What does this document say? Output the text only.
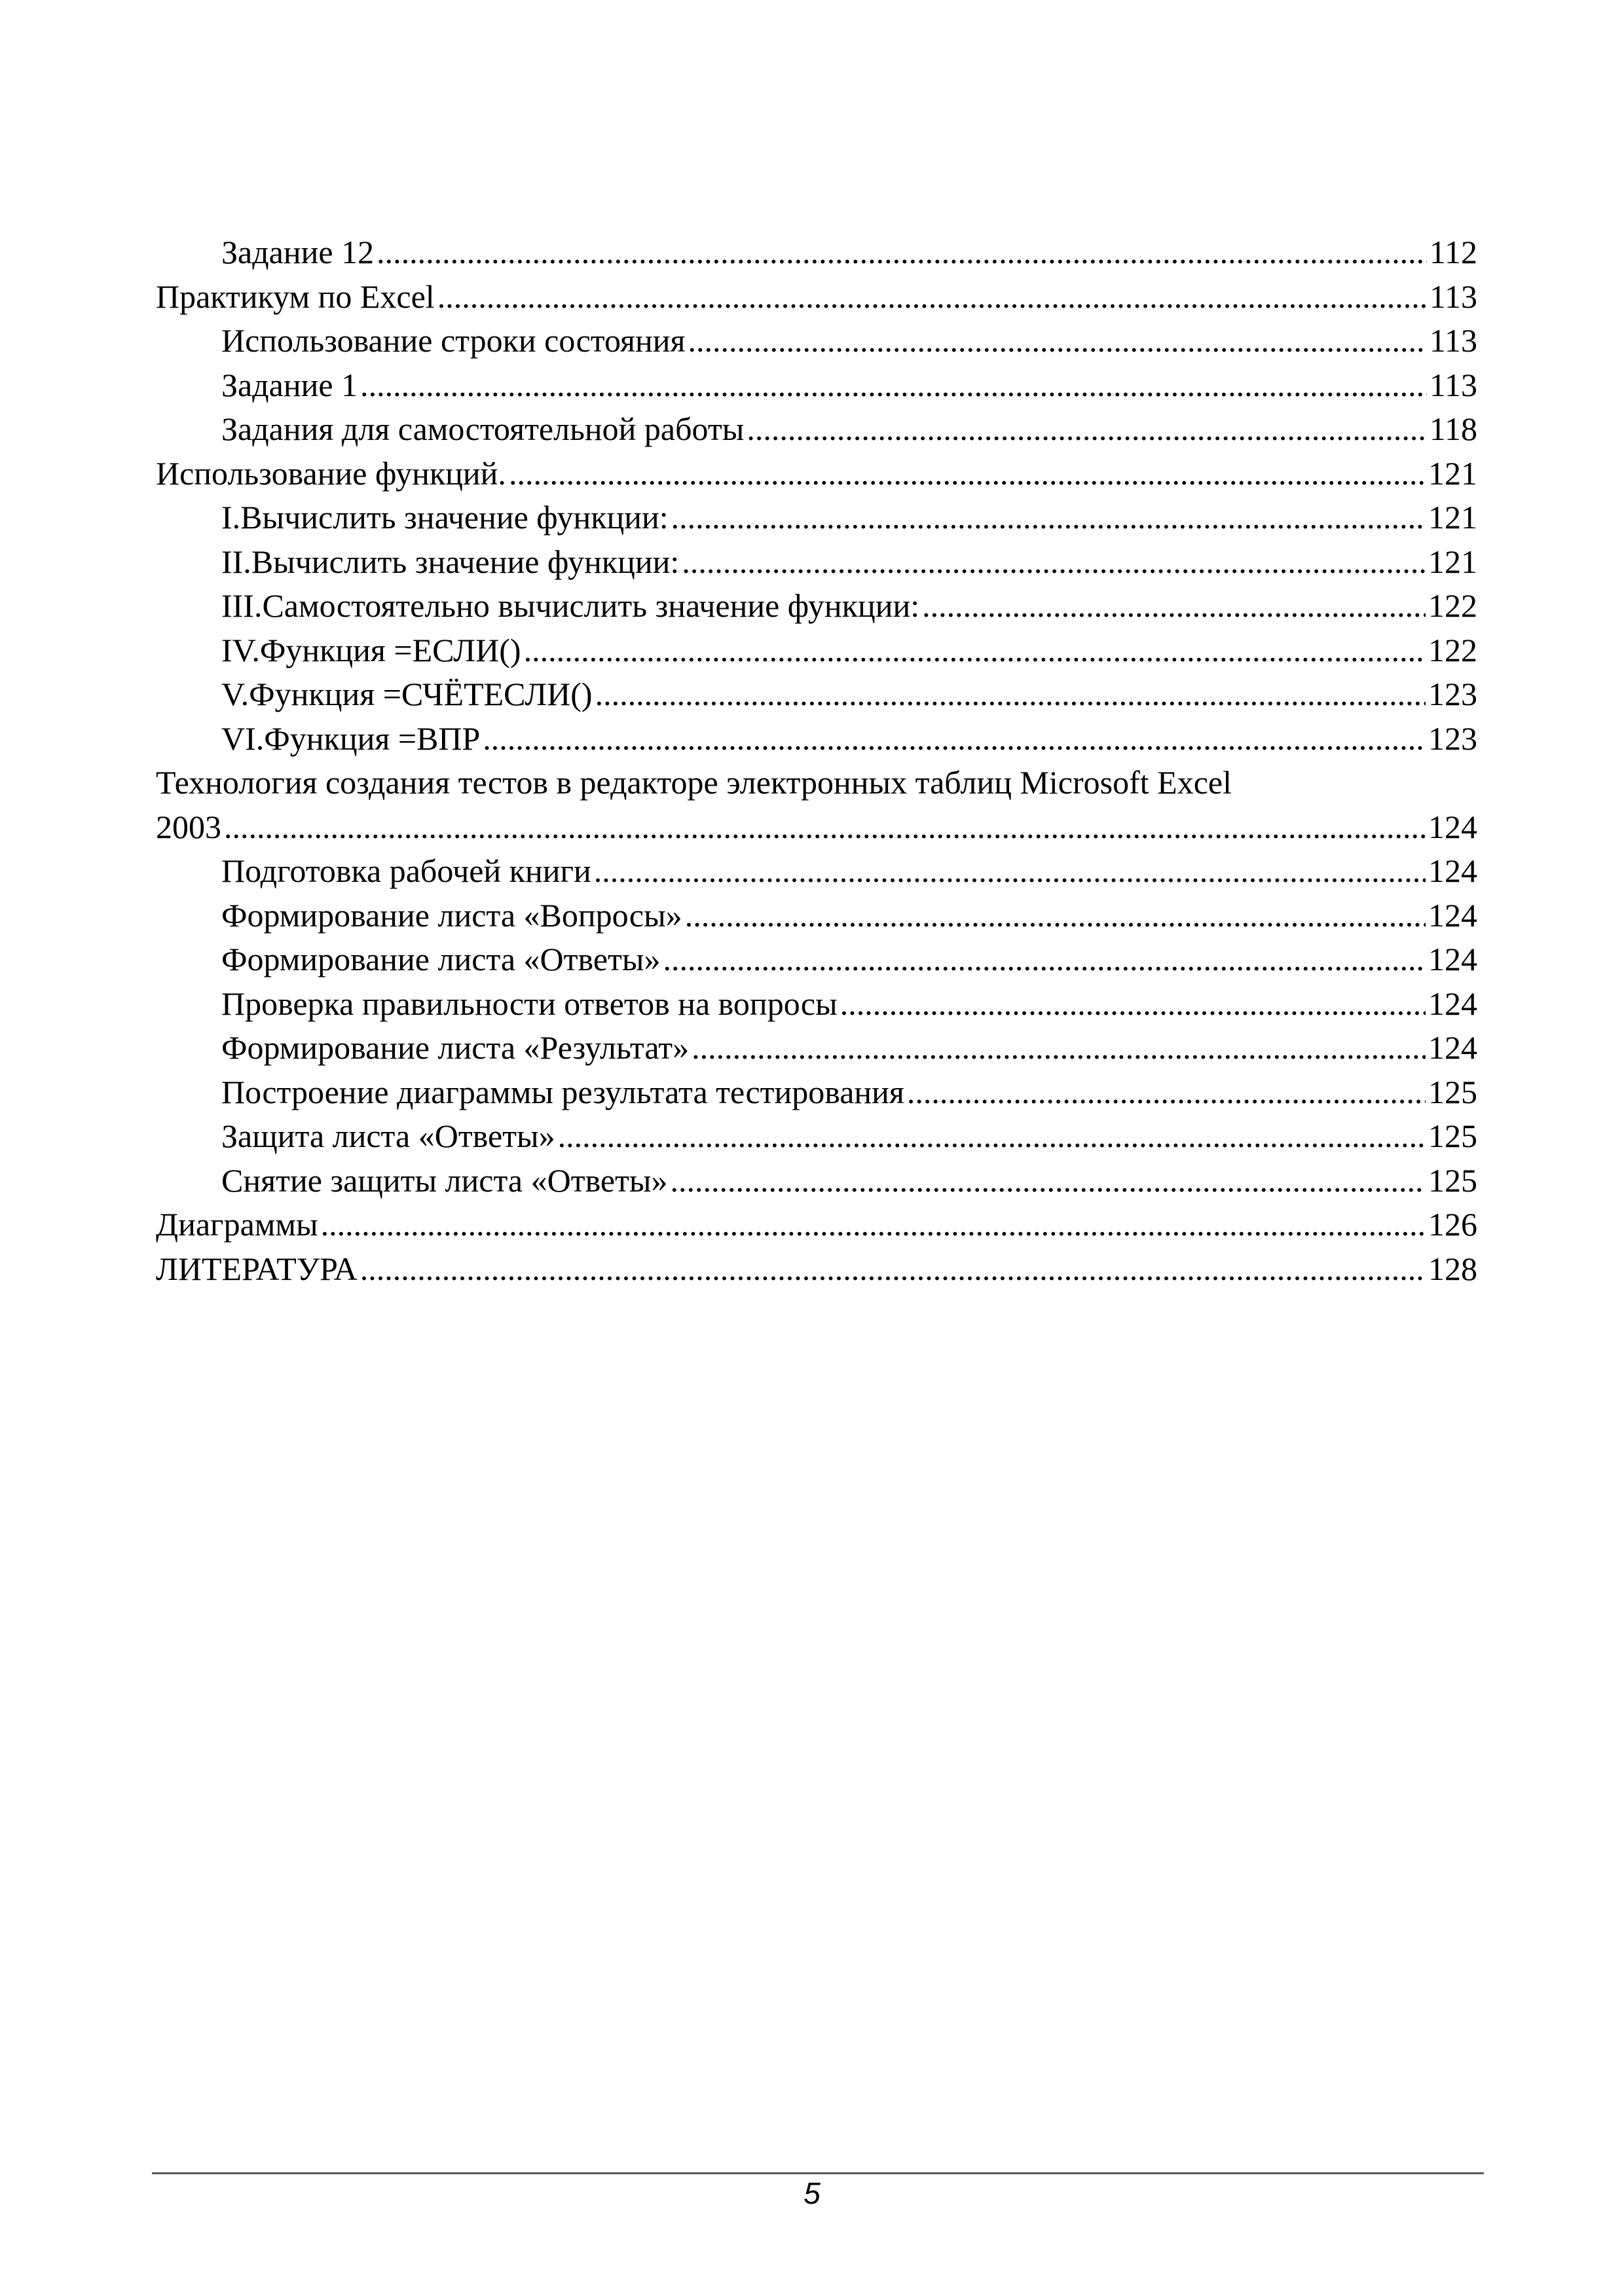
Задание 12 .....	112
Практикум по Excel .....	113
Использование строки состояния .....	113
Задание 1 .....	113
Задания для самостоятельной работы .....	118
Использование функций. .....	121
I. Вычислить значение функции: .....	121
II. Вычислить значение функции: .....	121
III. Самостоятельно вычислить значение функции: .....	122
IV. Функция =ЕСЛИ() .....	122
V. Функция =СЧЁТЕСЛИ() .....	123
VI. Функция =ВПР .....	123
Технология создания тестов в редакторе электронных таблиц Microsoft Excel
2003 .....	124
Подготовка рабочей книги .....	124
Формирование листа «Вопросы» .....	124
Формирование листа «Ответы» .....	124
Проверка правильности ответов на вопросы .....	124
Формирование листа «Результат» .....	124
Построение диаграммы результата тестирования .....	125
Защита листа «Ответы» .....	125
Снятие защиты листа «Ответы» .....	125
Диаграммы .....	126
ЛИТЕРАТУРА .....	128
5
